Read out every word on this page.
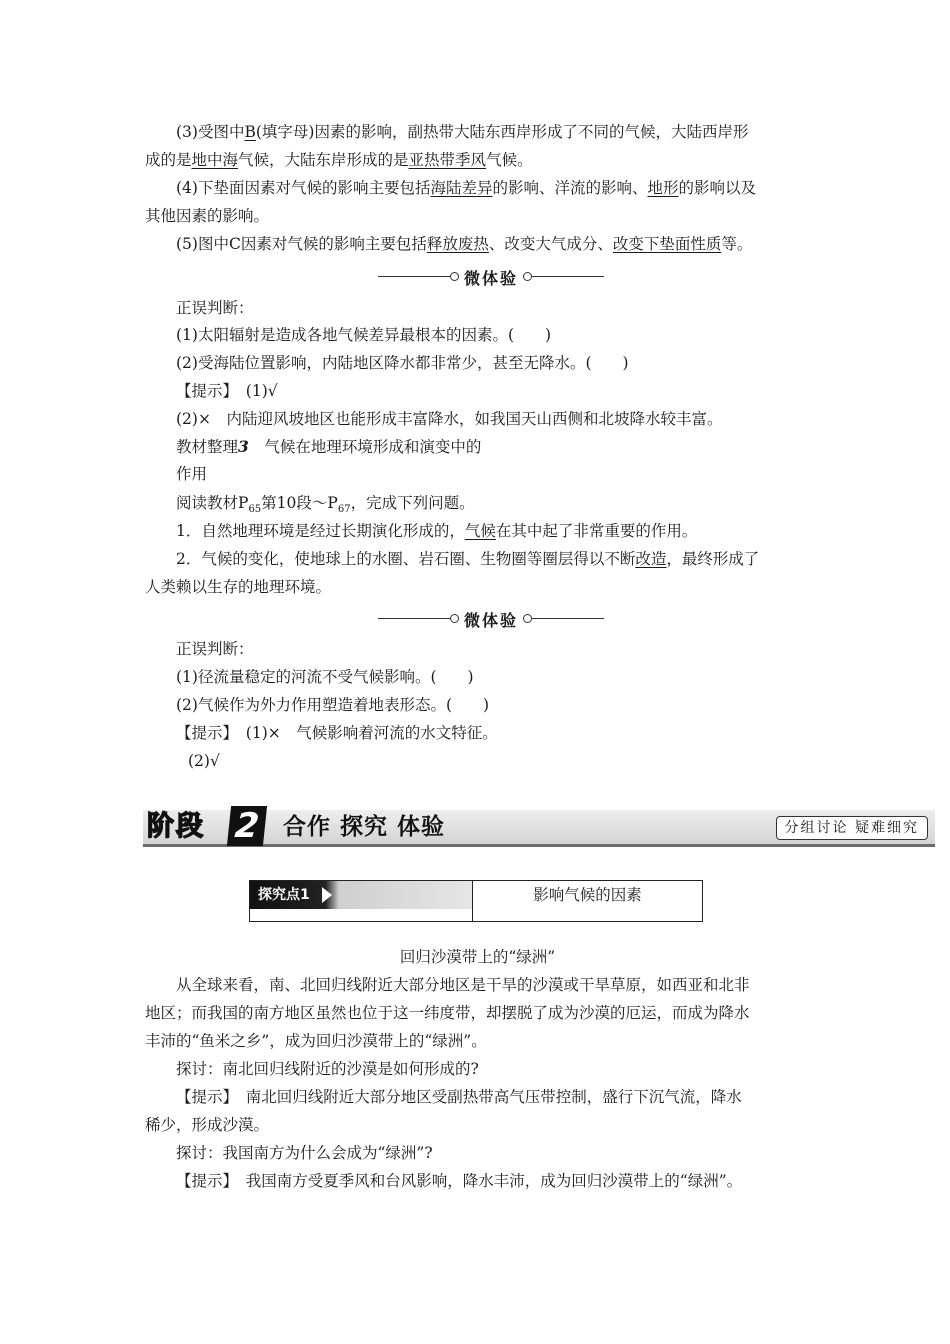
(3)受图中B(填字母)因素的影响，副热带大陆东西岸形成了不同的气候，大陆西岸形
成的是地中海气候，大陆东岸形成的是亚热带季风气候。
(4)下垫面因素对气候的影响主要包括海陆差异的影响、洋流的影响、地形的影响以及
其他因素的影响。
(5)图中C因素对气候的影响主要包括释放废热、改变大气成分、改变下垫面性质等。
微体验
正误判断：
(1)太阳辐射是造成各地气候差异最根本的因素。(　　)
(2)受海陆位置影响，内陆地区降水都非常少，甚至无降水。(　　)
【提示】　 (1)√
(2)×　内陆迎风坡地区也能形成丰富降水，如我国天山西侧和北坡降水较丰富。
教材整理3　 气候在地理环境形成和演变中的
作用
阅读教材$P_{65}$第10段$\sim P_{67}$，完成下列问题。
1．自然地理环境是经过长期演化形成的，气候在其中起了非常重要的作用。
2．气候的变化，使地球上的水圈、岩石圈、生物圈等圈层得以不断改造，最终形成了
人类赖以生存的地理环境。
微体验
正误判断：
(1)径流量稳定的河流不受气候影响。(　　)
(2)气候作为外力作用塑造着地表形态。(　　)
【提示】　 (1)×　气候影响着河流的水文特征。
(2)√
阶段 2 合作 探究 体验	分组讨论 疑难细究
探究点1	影响气候的因素
回归沙漠带上的“绿洲”
从全球来看，南、北回归线附近大部分地区是干旱的沙漠或干旱草原，如西亚和北非
地区；而我国的南方地区虽然也位于这一纬度带，却摆脱了成为沙漠的厄运，而成为降水
丰沛的“鱼米之乡”，成为回归沙漠带上的“绿洲”。
探讨：南北回归线附近的沙漠是如何形成的?
【提示】　 南北回归线附近大部分地区受副热带高气压带控制，盛行下沉气流，降水
稀少，形成沙漠。
探讨：我国南方为什么会成为“绿洲”?
【提示】　 我国南方受夏季风和台风影响，降水丰沛，成为回归沙漠带上的“绿洲”。
